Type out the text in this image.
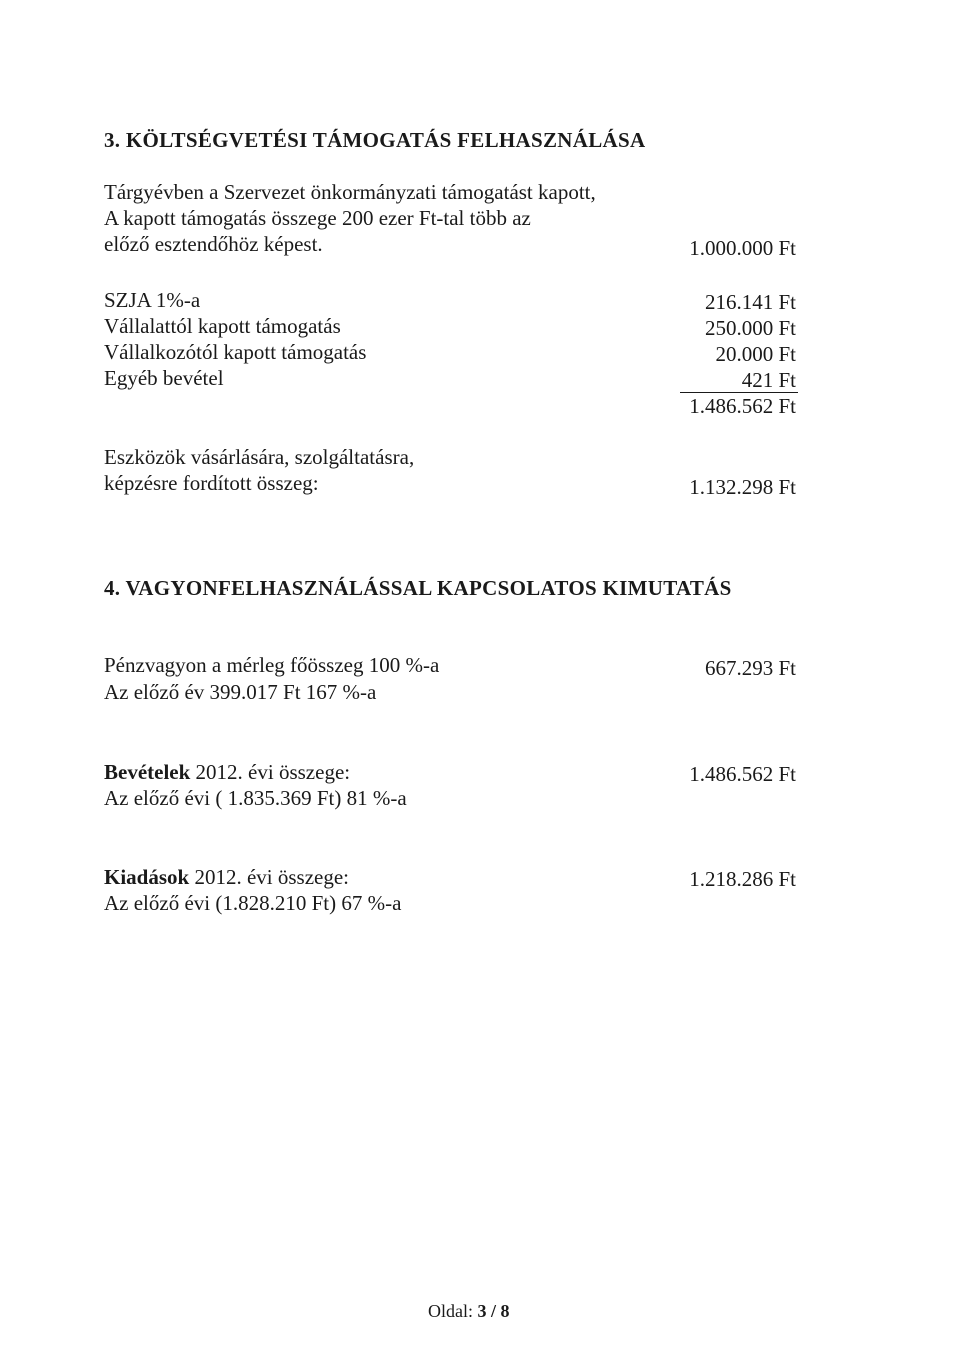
3. KÖLTSÉGVETÉSI TÁMOGATÁS FELHASZNÁLÁSA
Tárgyévben a Szervezet önkormányzati támogatást kapott,
A kapott támogatás összege 200 ezer Ft-tal több az
előző esztendőhöz képest.	1.000.000 Ft
SZJA 1%-a	216.141 Ft
Vállalattól kapott támogatás	250.000 Ft
Vállalkozótól kapott támogatás	20.000 Ft
Egyéb bevétel	421 Ft
1.486.562 Ft
Eszközök vásárlására, szolgáltatásra,
képzésre fordított összeg:	1.132.298 Ft
4. VAGYONFELHASZNÁLÁSSAL KAPCSOLATOS KIMUTATÁS
Pénzvagyon a mérleg főösszeg 100 %-a	667.293 Ft
Az előző év 399.017 Ft 167 %-a
Bevételek 2012. évi összege:	1.486.562 Ft
Az előző évi ( 1.835.369 Ft) 81 %-a
Kiadások 2012. évi összege:	1.218.286 Ft
Az előző évi (1.828.210 Ft) 67 %-a
Oldal: 3 / 8
